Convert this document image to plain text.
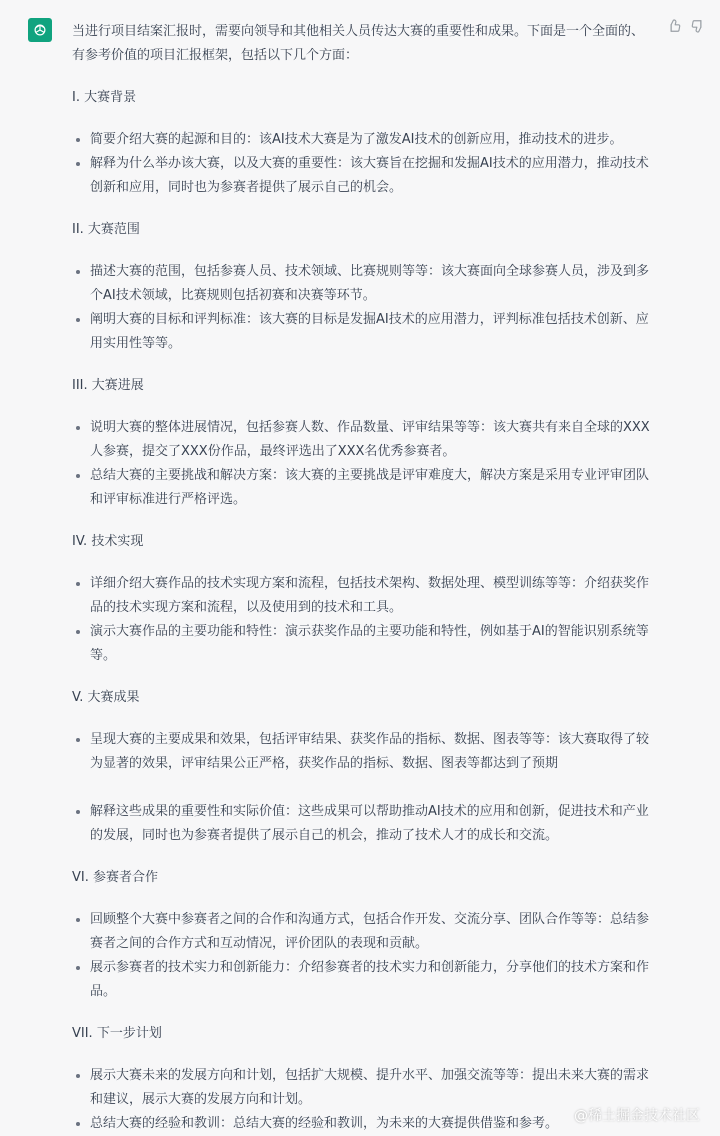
当进行项目结案汇报时，需要向领导和其他相关人员传达大赛的重要性和成果。下面是一个全面的、有参考价值的项目汇报框架，包括以下几个方面：

I. 大赛背景

简要介绍大赛的起源和目的：该AI技术大赛是为了激发AI技术的创新应用，推动技术的进步。
解释为什么举办该大赛，以及大赛的重要性：该大赛旨在挖掘和发掘AI技术的应用潜力，推动技术创新和应用，同时也为参赛者提供了展示自己的机会。

II. 大赛范围

描述大赛的范围，包括参赛人员、技术领域、比赛规则等等：该大赛面向全球参赛人员，涉及到多个AI技术领域，比赛规则包括初赛和决赛等环节。
阐明大赛的目标和评判标准：该大赛的目标是发掘AI技术的应用潜力，评判标准包括技术创新、应用实用性等等。

III. 大赛进展

说明大赛的整体进展情况，包括参赛人数、作品数量、评审结果等等：该大赛共有来自全球的XXX人参赛，提交了XXX份作品，最终评选出了XXX名优秀参赛者。
总结大赛的主要挑战和解决方案：该大赛的主要挑战是评审难度大，解决方案是采用专业评审团队和评审标准进行严格评选。

IV. 技术实现

详细介绍大赛作品的技术实现方案和流程，包括技术架构、数据处理、模型训练等等：介绍获奖作品的技术实现方案和流程，以及使用到的技术和工具。
演示大赛作品的主要功能和特性：演示获奖作品的主要功能和特性，例如基于AI的智能识别系统等等。

V. 大赛成果

呈现大赛的主要成果和效果，包括评审结果、获奖作品的指标、数据、图表等等：该大赛取得了较为显著的效果，评审结果公正严格，获奖作品的指标、数据、图表等都达到了预期
解释这些成果的重要性和实际价值：这些成果可以帮助推动AI技术的应用和创新，促进技术和产业的发展，同时也为参赛者提供了展示自己的机会，推动了技术人才的成长和交流。

VI. 参赛者合作

回顾整个大赛中参赛者之间的合作和沟通方式，包括合作开发、交流分享、团队合作等等：总结参赛者之间的合作方式和互动情况，评价团队的表现和贡献。
展示参赛者的技术实力和创新能力：介绍参赛者的技术实力和创新能力，分享他们的技术方案和作品。

VII. 下一步计划

展示大赛未来的发展方向和计划，包括扩大规模、提升水平、加强交流等等：提出未来大赛的需求和建议，展示大赛的发展方向和计划。
总结大赛的经验和教训：总结大赛的经验和教训，为未来的大赛提供借鉴和参考。	@稀土掘金技术社区
